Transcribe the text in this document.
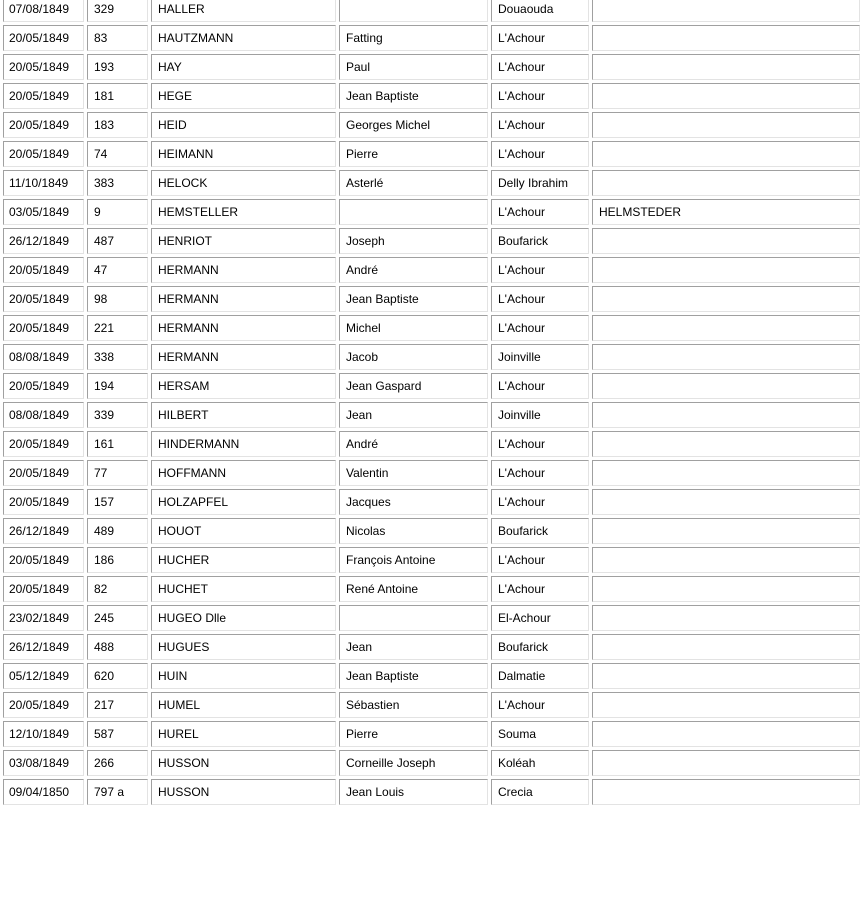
07/08/1849	329	HALLER		Douaouda	

20/05/1849	83	HAUTZMANN	Fatting	L'Achour	

20/05/1849	193	HAY	Paul	L'Achour	

20/05/1849	181	HEGE	Jean Baptiste	L'Achour	

20/05/1849	183	HEID	Georges Michel	L'Achour	

20/05/1849	74	HEIMANN	Pierre	L'Achour	

11/10/1849	383	HELOCK	Asterlé	Delly Ibrahim	

03/05/1849	9	HEMSTELLER		L'Achour	HELMSTEDER

26/12/1849	487	HENRIOT	Joseph	Boufarick	

20/05/1849	47	HERMANN	André	L'Achour	

20/05/1849	98	HERMANN	Jean Baptiste	L'Achour	

20/05/1849	221	HERMANN	Michel	L'Achour	

08/08/1849	338	HERMANN	Jacob	Joinville	

20/05/1849	194	HERSAM	Jean Gaspard	L'Achour	

08/08/1849	339	HILBERT	Jean	Joinville	

20/05/1849	161	HINDERMANN	André	L'Achour	

20/05/1849	77	HOFFMANN	Valentin	L'Achour	

20/05/1849	157	HOLZAPFEL	Jacques	L'Achour	

26/12/1849	489	HOUOT	Nicolas	Boufarick	

20/05/1849	186	HUCHER	François Antoine	L'Achour	

20/05/1849	82	HUCHET	René Antoine	L'Achour	

23/02/1849	245	HUGEO Dlle		El-Achour	

26/12/1849	488	HUGUES	Jean	Boufarick	

05/12/1849	620	HUIN	Jean Baptiste	Dalmatie	

20/05/1849	217	HUMEL	Sébastien	L'Achour	

12/10/1849	587	HUREL	Pierre	Souma	

03/08/1849	266	HUSSON	Corneille Joseph	Koléah	

09/04/1850	797 a	HUSSON	Jean Louis	Crecia	
